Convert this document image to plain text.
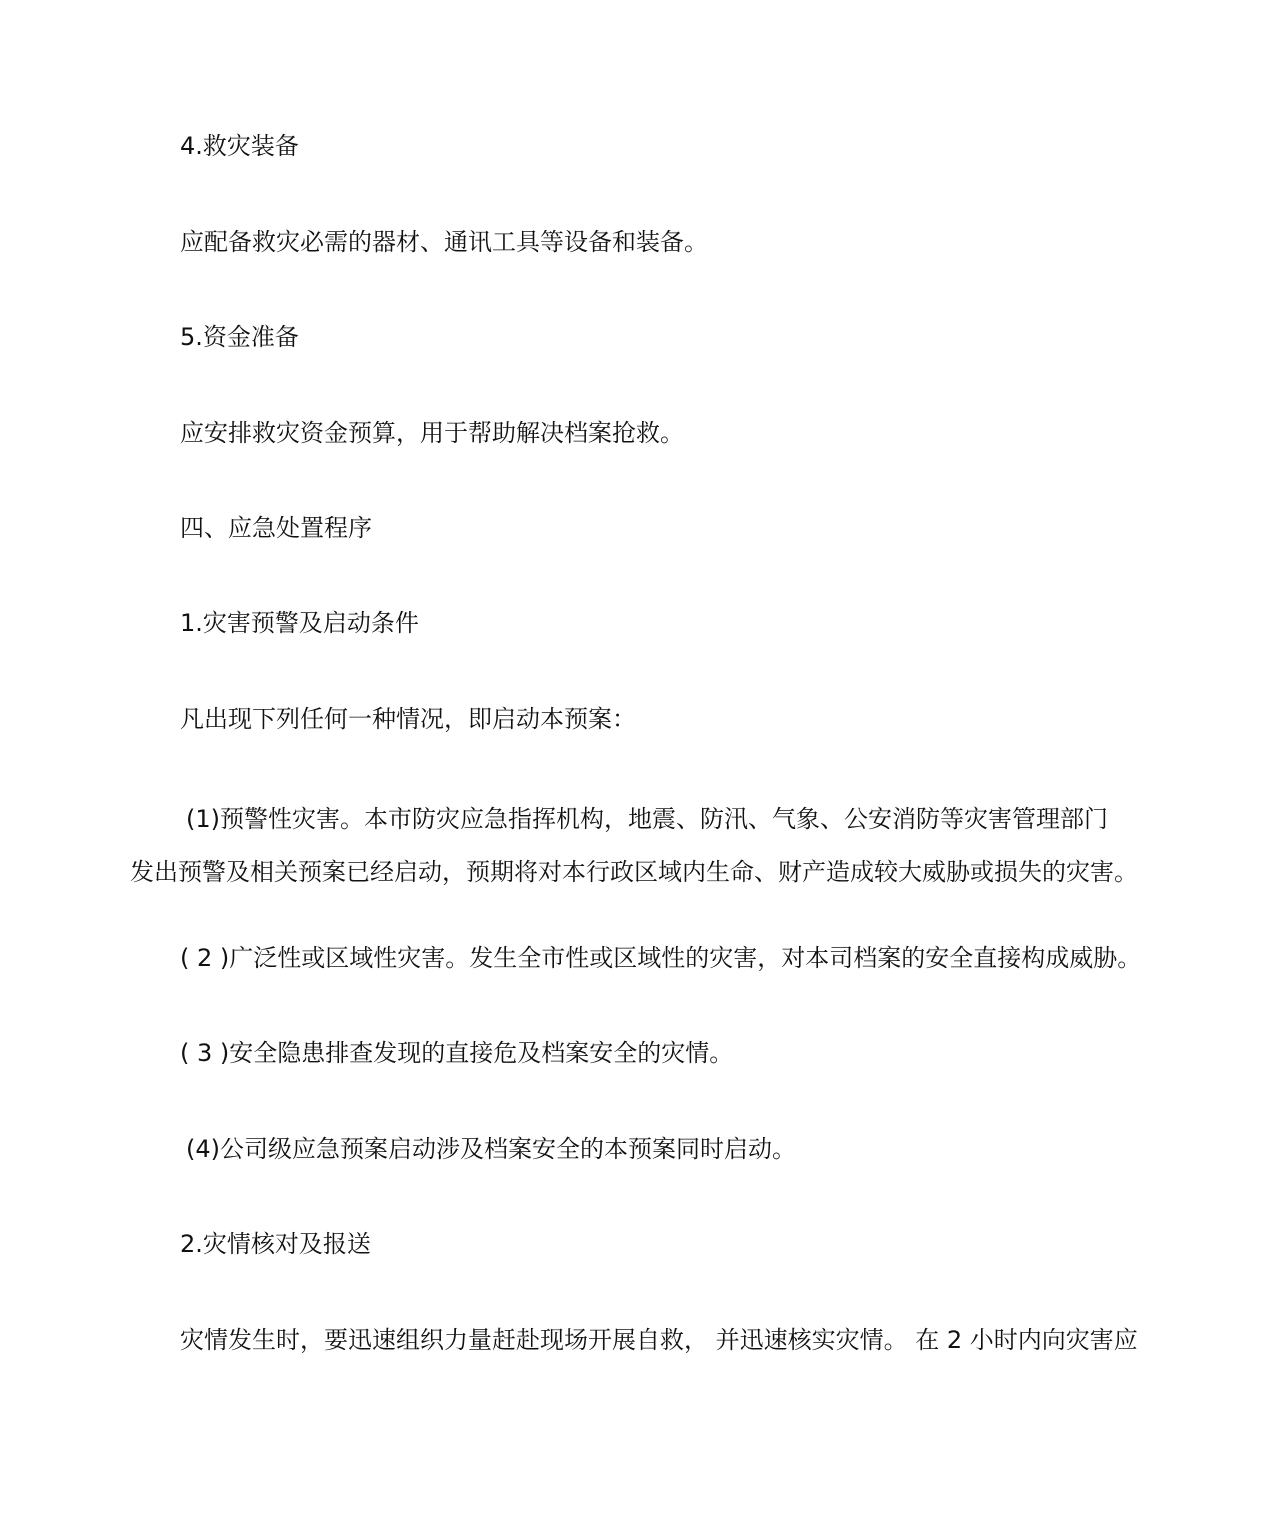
4.救灾装备

应配备救灾必需的器材、通讯工具等设备和装备。

5.资金准备

应安排救灾资金预算，用于帮助解决档案抢救。

四、应急处置程序

1.灾害预警及启动条件

凡出现下列任何一种情况，即启动本预案：

(1)预警性灾害。本市防灾应急指挥机构，地震、防汛、气象、公安消防等灾害管理部门

发出预警及相关预案已经启动，预期将对本行政区域内生命、财产造成较大威胁或损失的灾害。

( 2 )广泛性或区域性灾害。发生全市性或区域性的灾害，对本司档案的安全直接构成威胁。

( 3 )安全隐患排查发现的直接危及档案安全的灾情。

(4)公司级应急预案启动涉及档案安全的本预案同时启动。

2.灾情核对及报送

灾情发生时，要迅速组织力量赶赴现场开展自救， 并迅速核实灾情。 在 2 小时内向灾害应
